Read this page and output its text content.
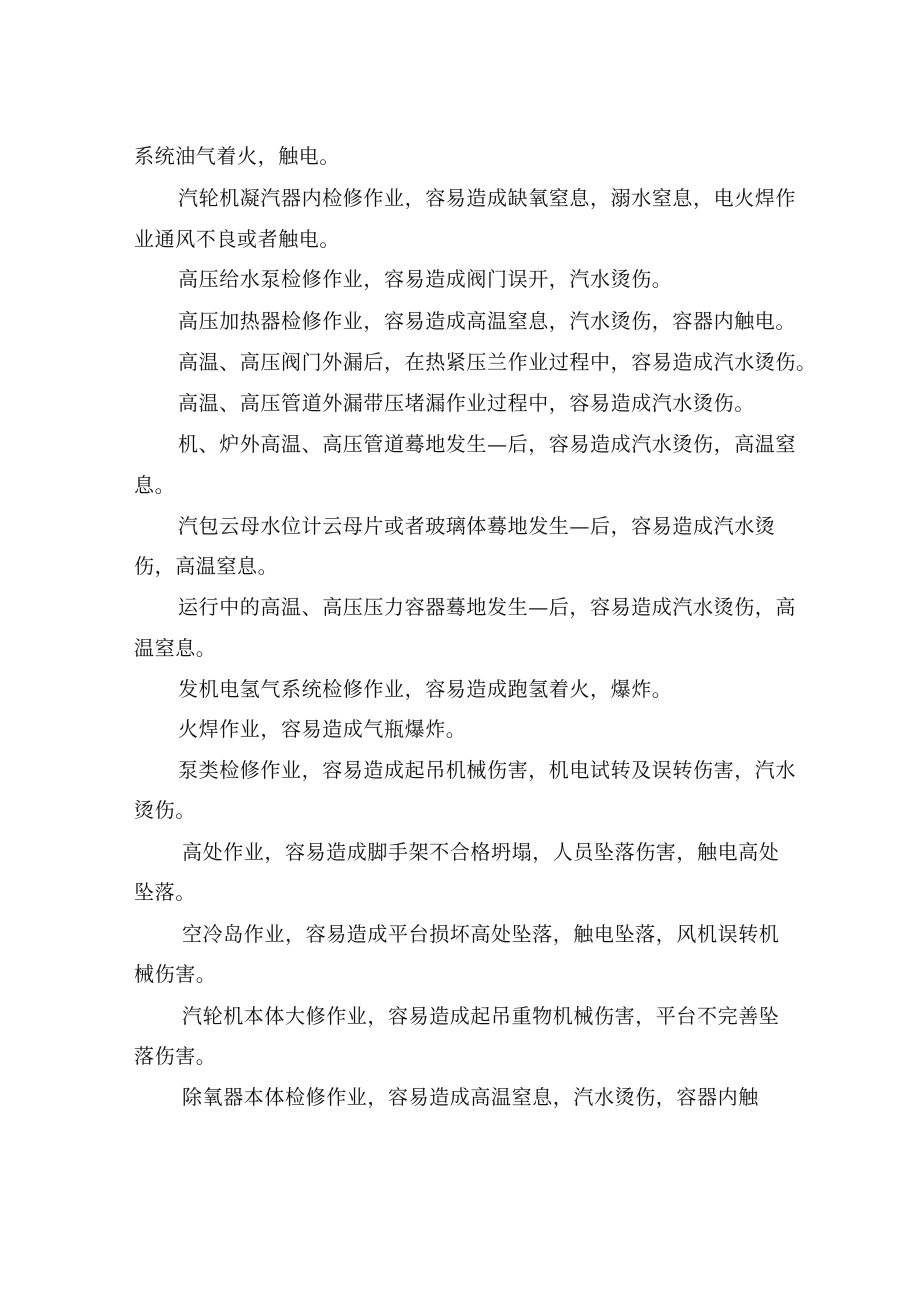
系统油气着火，触电。
汽轮机凝汽器内检修作业，容易造成缺氧窒息，溺水窒息，电火焊作
业通风不良或者触电。
高压给水泵检修作业，容易造成阀门误开，汽水烫伤。
高压加热器检修作业，容易造成高温窒息，汽水烫伤，容器内触电。
高温、高压阀门外漏后，在热紧压兰作业过程中，容易造成汽水烫伤。
高温、高压管道外漏带压堵漏作业过程中，容易造成汽水烫伤。
机、炉外高温、高压管道蓦地发生—后，容易造成汽水烫伤，高温窒
息。
汽包云母水位计云母片或者玻璃体蓦地发生—后，容易造成汽水烫
伤，高温窒息。
运行中的高温、高压压力容器蓦地发生—后，容易造成汽水烫伤，高
温窒息。
发机电氢气系统检修作业，容易造成跑氢着火，爆炸。
火焊作业，容易造成气瓶爆炸。
泵类检修作业，容易造成起吊机械伤害，机电试转及误转伤害，汽水
烫伤。
高处作业，容易造成脚手架不合格坍塌，人员坠落伤害，触电高处
坠落。
空冷岛作业，容易造成平台损坏高处坠落，触电坠落，风机误转机
械伤害。
汽轮机本体大修作业，容易造成起吊重物机械伤害，平台不完善坠
落伤害。
除氧器本体检修作业，容易造成高温窒息，汽水烫伤，容器内触
